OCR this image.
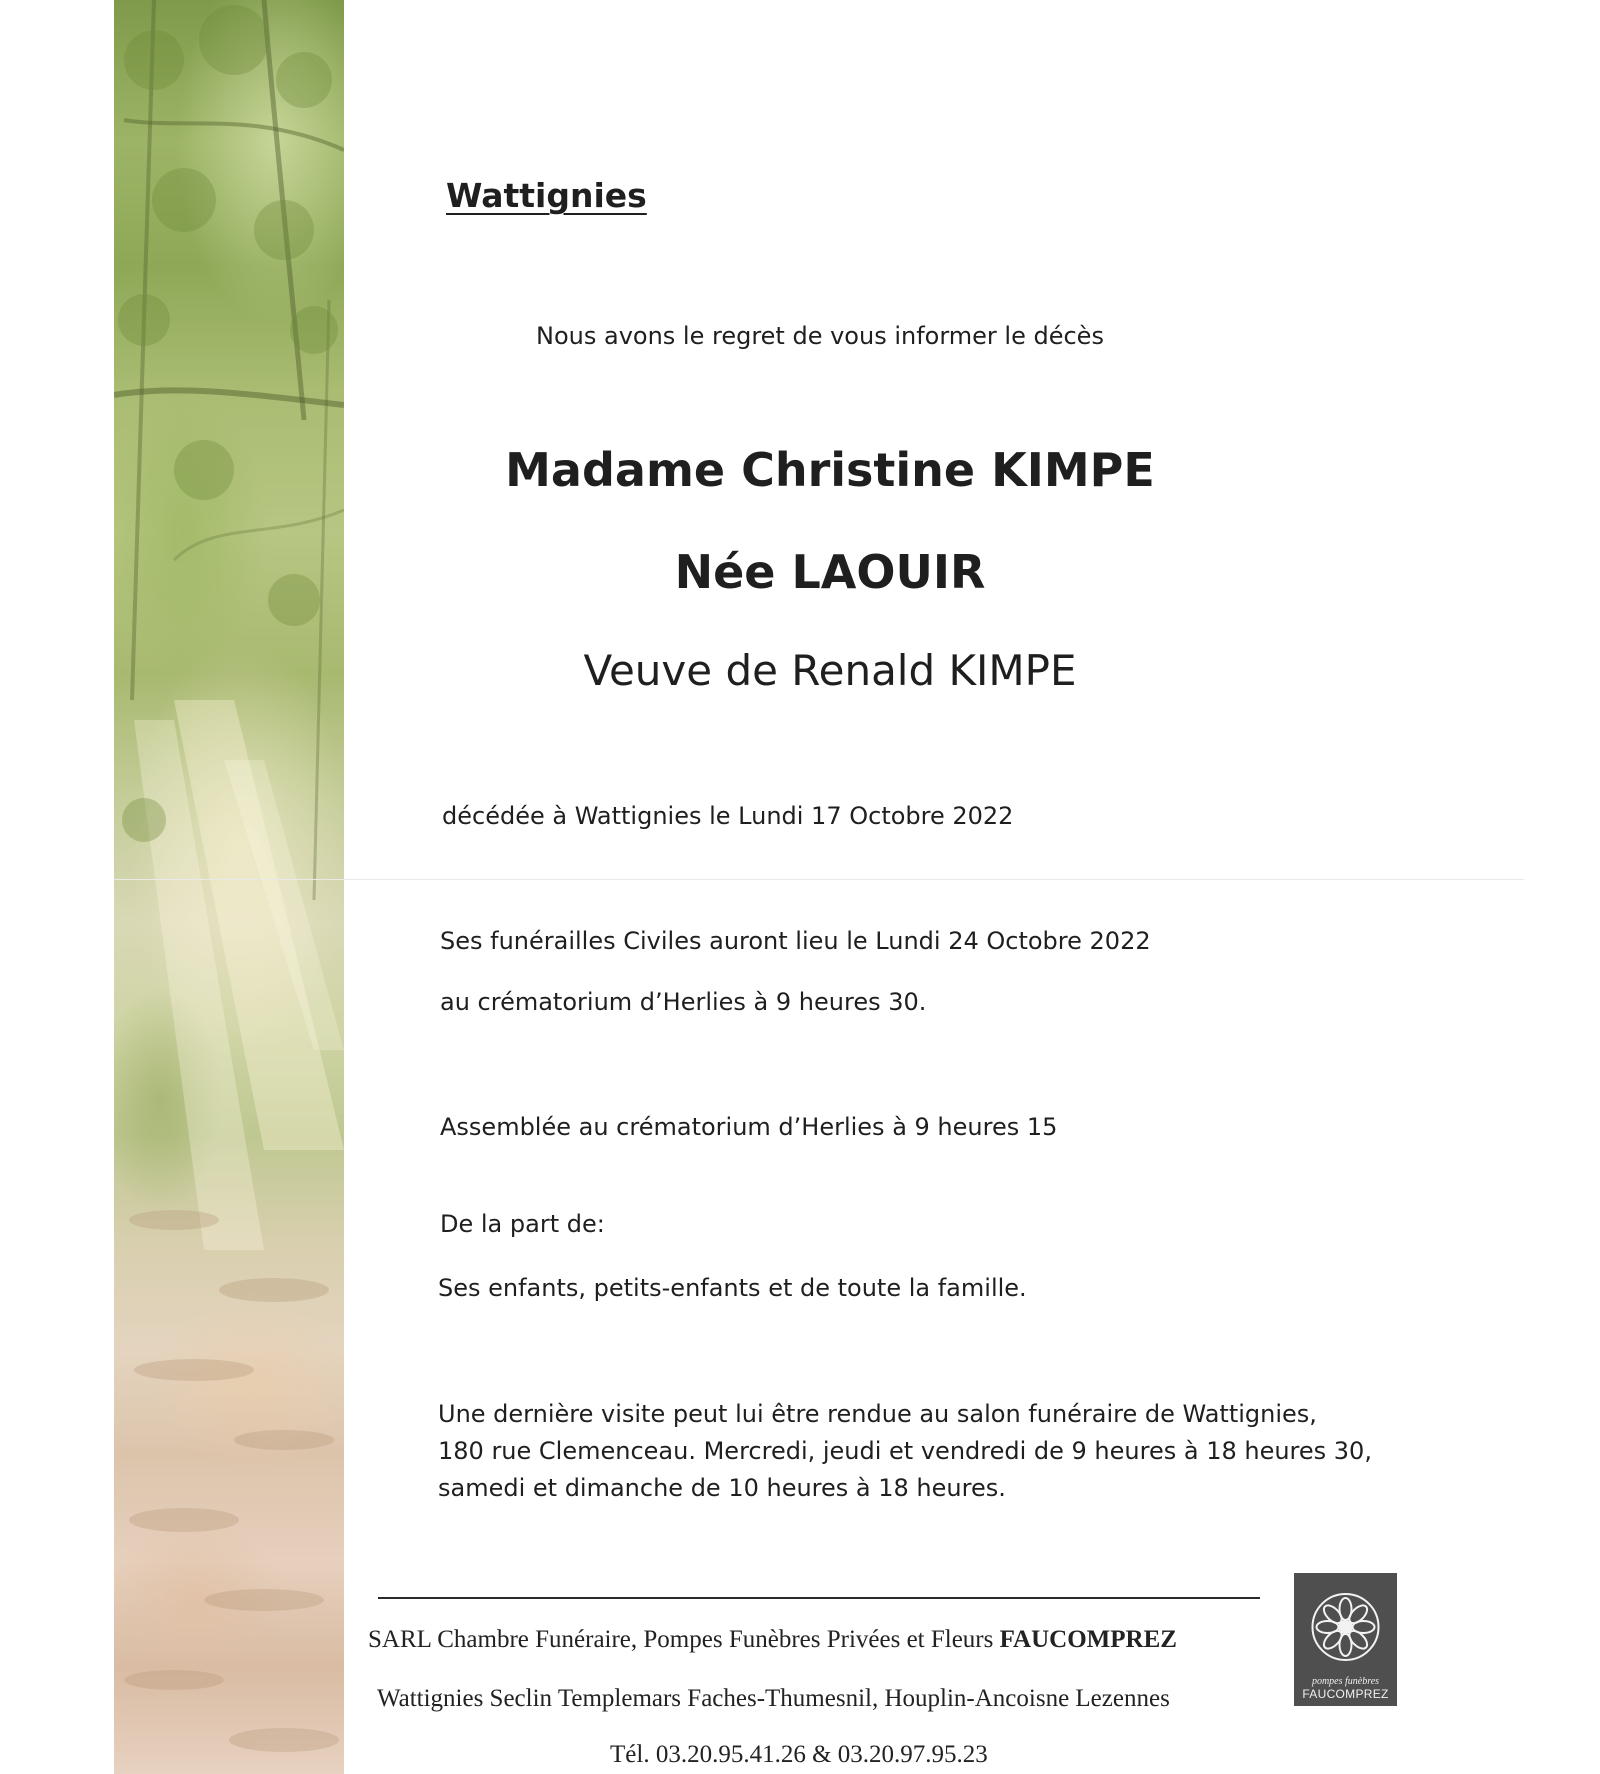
Wattignies
Nous avons le regret de vous informer le décès
Madame Christine KIMPE
Née LAOUIR
Veuve de Renald KIMPE
décédée à Wattignies le Lundi 17 Octobre 2022
Ses funérailles Civiles auront lieu le Lundi 24 Octobre 2022
au crématorium d’Herlies à 9 heures 30.
Assemblée au crématorium d’Herlies à 9 heures 15
De la part de:
Ses enfants, petits-enfants et de toute la famille.
Une dernière visite peut lui être rendue au salon funéraire de Wattignies,
180 rue Clemenceau. Mercredi, jeudi et vendredi de 9 heures à 18 heures 30,
samedi et dimanche de 10 heures à 18 heures.
SARL Chambre Funéraire, Pompes Funèbres Privées et Fleurs FAUCOMPREZ
Wattignies Seclin Templemars Faches-Thumesnil, Houplin-Ancoisne Lezennes
Tél. 03.20.95.41.26 & 03.20.97.95.23
pompes funèbres
FAUCOMPREZ
